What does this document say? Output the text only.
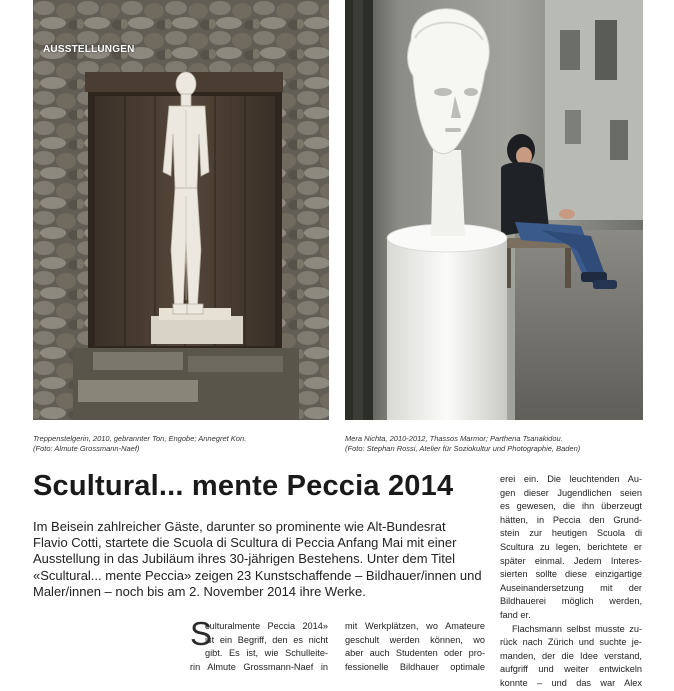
AUSSTELLUNGEN
Treppenstelgerin, 2010, gebrannter Ton, Engobe; Annegret Kon.
(Foto: Almute Grossmann-Naef)
Mera Nichta, 2010-2012, Thassos Marmor; Parthena Tsanakidou.
(Foto: Stephan Rossi, Atelier für Soziokultur und Photographie, Baden)
Scultural... mente Peccia 2014
Im Beisein zahlreicher Gäste, darunter so prominente wie Alt-Bundesrat
Flavio Cotti, startete die Scuola di Scultura di Peccia Anfang Mai mit einer
Ausstellung in das Jubiläum ihres 30-jährigen Bestehens. Unter dem Titel
«Scultural... mente Peccia» zeigen 23 Kunstschaffende – Bildhauer/innen und
Maler/innen – noch bis am 2. November 2014 ihre Werke.
S
culturalmente Peccia 2014»
ist ein Begriff, den es nicht
gibt. Es ist, wie Schulleite-
rin Almute Grossmann-Naef in
mit Werkplätzen, wo Amateure
geschult werden können, wo
aber auch Studenten oder pro-
fessionelle Bildhauer optimale
erei ein. Die leuchtenden Au-
gen dieser Jugendlichen seien
es gewesen, die ihn überzeugt
hätten, in Peccia den Grund-
stein zur heutigen Scuola di
Scultura zu legen, berichtete er
später einmal. Jedem Interes-
sierten sollte diese einzigartige
Auseinandersetzung mit der
Bildhauerei möglich werden,
fand er.
Flachsmann selbst musste zu-
rück nach Zürich und suchte je-
manden, der die Idee verstand,
aufgriff und weiter entwickeln
konnte – und das war Alex
